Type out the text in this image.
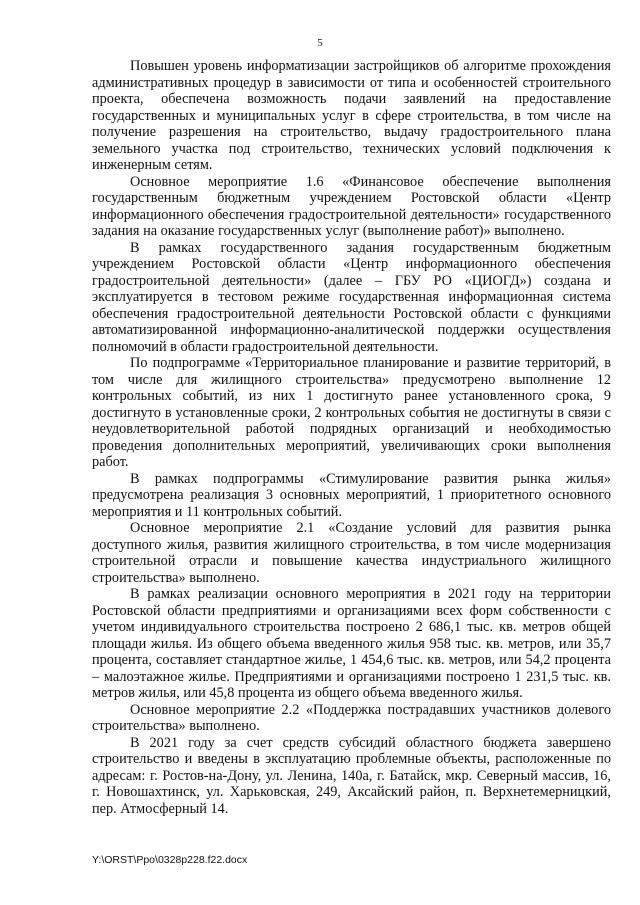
5

Повышен уровень информатизации застройщиков об алгоритме прохождения административных процедур в зависимости от типа и особенностей строительного проекта, обеспечена возможность подачи заявлений на предоставление государственных и муниципальных услуг в сфере строительства, в том числе на получение разрешения на строительство, выдачу градостроительного плана земельного участка под строительство, технических условий подключения к инженерным сетям.

Основное мероприятие 1.6 «Финансовое обеспечение выполнения государственным бюджетным учреждением Ростовской области «Центр информационного обеспечения градостроительной деятельности» государственного задания на оказание государственных услуг (выполнение работ)» выполнено.

В рамках государственного задания государственным бюджетным учреждением Ростовской области «Центр информационного обеспечения градостроительной деятельности» (далее – ГБУ РО «ЦИОГД») создана и эксплуатируется в тестовом режиме государственная информационная система обеспечения градостроительной деятельности Ростовской области с функциями автоматизированной информационно-аналитической поддержки осуществления полномочий в области градостроительной деятельности.

По подпрограмме «Территориальное планирование и развитие территорий, в том числе для жилищного строительства» предусмотрено выполнение 12 контрольных событий, из них 1 достигнуто ранее установленного срока, 9 достигнуто в установленные сроки, 2 контрольных события не достигнуты в связи с неудовлетворительной работой подрядных организаций и необходимостью проведения дополнительных мероприятий, увеличивающих сроки выполнения работ.

В рамках подпрограммы «Стимулирование развития рынка жилья» предусмотрена реализация 3 основных мероприятий, 1 приоритетного основного мероприятия и 11 контрольных событий.

Основное мероприятие 2.1 «Создание условий для развития рынка доступного жилья, развития жилищного строительства, в том числе модернизация строительной отрасли и повышение качества индустриального жилищного строительства» выполнено.

В рамках реализации основного мероприятия в 2021 году на территории Ростовской области предприятиями и организациями всех форм собственности с учетом индивидуального строительства построено 2 686,1 тыс. кв. метров общей площади жилья. Из общего объема введенного жилья 958 тыс. кв. метров, или 35,7 процента, составляет стандартное жилье, 1 454,6 тыс. кв. метров, или 54,2 процента – малоэтажное жилье. Предприятиями и организациями построено 1 231,5 тыс. кв. метров жилья, или 45,8 процента из общего объема введенного жилья.

Основное мероприятие 2.2 «Поддержка пострадавших участников долевого строительства» выполнено.

В 2021 году за счет средств субсидий областного бюджета завершено строительство и введены в эксплуатацию проблемные объекты, расположенные по адресам: г. Ростов-на-Дону, ул. Ленина, 140а, г. Батайск, мкр. Северный массив, 16, г. Новошахтинск, ул. Харьковская, 249, Аксайский район, п. Верхнетемерницкий, пер. Атмосферный 14.

Y:\ORST\Ppo\0328p228.f22.docx
